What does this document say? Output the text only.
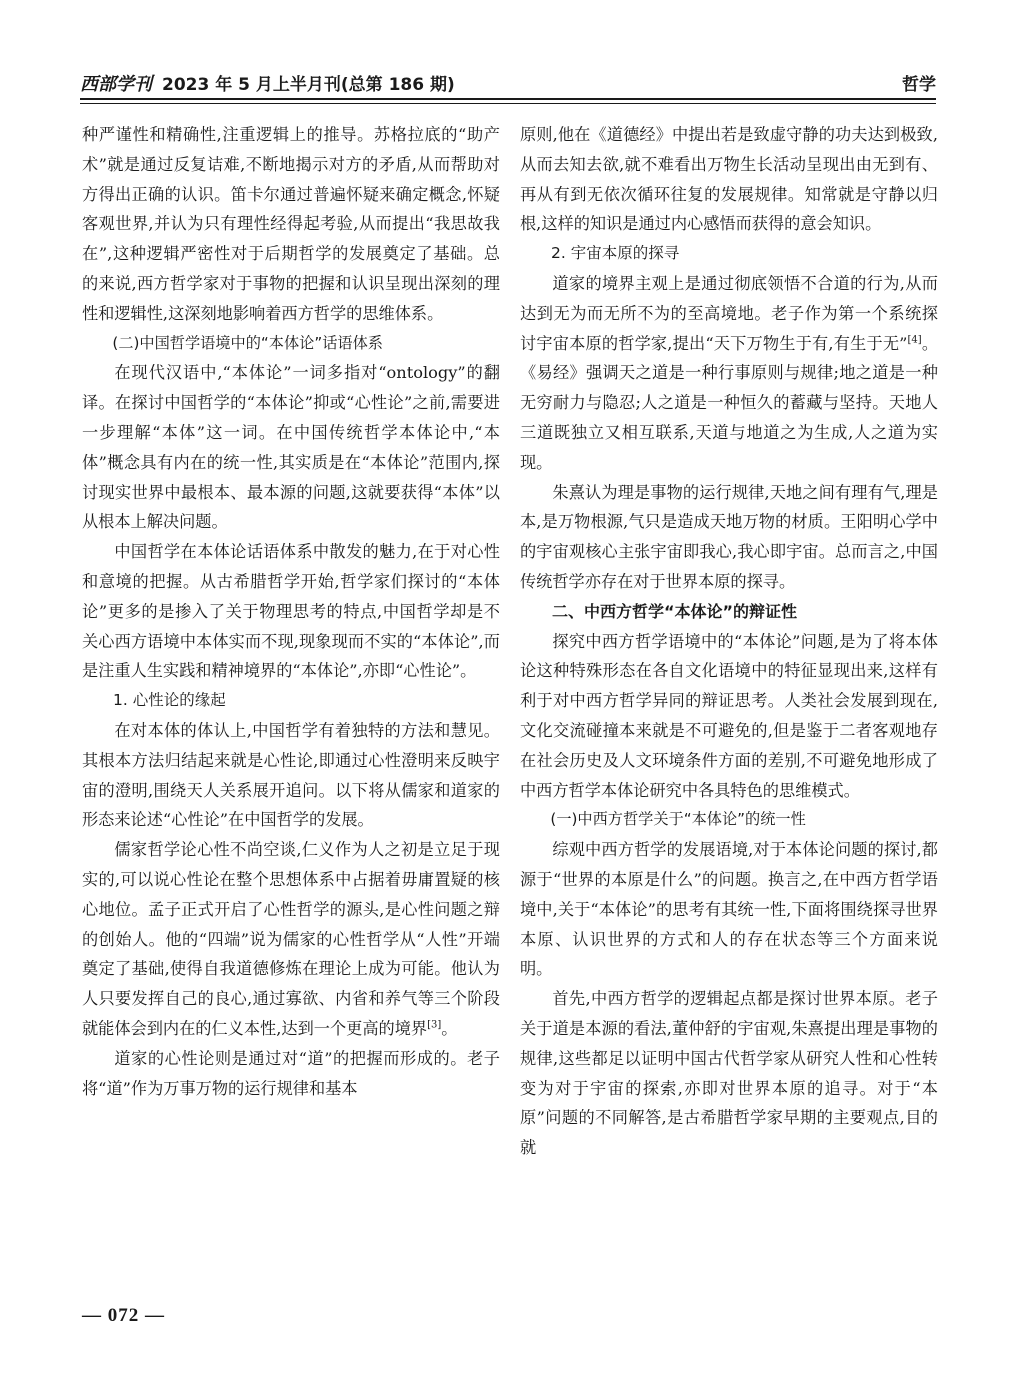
西部学刊 2023 年 5 月上半月刊(总第 186 期)	哲学

种严谨性和精确性,注重逻辑上的推导。苏格拉底的“助产术”就是通过反复诘难,不断地揭示对方的矛盾,从而帮助对方得出正确的认识。笛卡尔通过普遍怀疑来确定概念,怀疑客观世界,并认为只有理性经得起考验,从而提出“我思故我在”,这种逻辑严密性对于后期哲学的发展奠定了基础。总的来说,西方哲学家对于事物的把握和认识呈现出深刻的理性和逻辑性,这深刻地影响着西方哲学的思维体系。

(二)中国哲学语境中的“本体论”话语体系

在现代汉语中,“本体论”一词多指对“ontology”的翻译。在探讨中国哲学的“本体论”抑或“心性论”之前,需要进一步理解“本体”这一词。在中国传统哲学本体论中,“本体”概念具有内在的统一性,其实质是在“本体论”范围内,探讨现实世界中最根本、最本源的问题,这就要获得“本体”以从根本上解决问题。

中国哲学在本体论话语体系中散发的魅力,在于对心性和意境的把握。从古希腊哲学开始,哲学家们探讨的“本体论”更多的是掺入了关于物理思考的特点,中国哲学却是不关心西方语境中本体实而不现,现象现而不实的“本体论”,而是注重人生实践和精神境界的“本体论”,亦即“心性论”。

1. 心性论的缘起

在对本体的体认上,中国哲学有着独特的方法和慧见。其根本方法归结起来就是心性论,即通过心性澄明来反映宇宙的澄明,围绕天人关系展开追问。以下将从儒家和道家的形态来论述“心性论”在中国哲学的发展。

儒家哲学论心性不尚空谈,仁义作为人之初是立足于现实的,可以说心性论在整个思想体系中占据着毋庸置疑的核心地位。孟子正式开启了心性哲学的源头,是心性问题之辩的创始人。他的“四端”说为儒家的心性哲学从“人性”开端奠定了基础,使得自我道德修炼在理论上成为可能。他认为人只要发挥自己的良心,通过寡欲、内省和养气等三个阶段就能体会到内在的仁义本性,达到一个更高的境界[3]。

道家的心性论则是通过对“道”的把握而形成的。老子将“道”作为万事万物的运行规律和基本

原则,他在《道德经》中提出若是致虚守静的功夫达到极致,从而去知去欲,就不难看出万物生长活动呈现出由无到有、再从有到无依次循环往复的发展规律。知常就是守静以归根,这样的知识是通过内心感悟而获得的意会知识。

2. 宇宙本原的探寻

道家的境界主观上是通过彻底领悟不合道的行为,从而达到无为而无所不为的至高境地。老子作为第一个系统探讨宇宙本原的哲学家,提出“天下万物生于有,有生于无”[4]。《易经》强调天之道是一种行事原则与规律;地之道是一种无穷耐力与隐忍;人之道是一种恒久的蓄藏与坚持。天地人三道既独立又相互联系,天道与地道之为生成,人之道为实现。

朱熹认为理是事物的运行规律,天地之间有理有气,理是本,是万物根源,气只是造成天地万物的材质。王阳明心学中的宇宙观核心主张宇宙即我心,我心即宇宙。总而言之,中国传统哲学亦存在对于世界本原的探寻。

二、中西方哲学“本体论”的辩证性

探究中西方哲学语境中的“本体论”问题,是为了将本体论这种特殊形态在各自文化语境中的特征显现出来,这样有利于对中西方哲学异同的辩证思考。人类社会发展到现在,文化交流碰撞本来就是不可避免的,但是鉴于二者客观地存在社会历史及人文环境条件方面的差别,不可避免地形成了中西方哲学本体论研究中各具特色的思维模式。

(一)中西方哲学关于“本体论”的统一性

综观中西方哲学的发展语境,对于本体论问题的探讨,都源于“世界的本原是什么”的问题。换言之,在中西方哲学语境中,关于“本体论”的思考有其统一性,下面将围绕探寻世界本原、认识世界的方式和人的存在状态等三个方面来说明。

首先,中西方哲学的逻辑起点都是探讨世界本原。老子关于道是本源的看法,董仲舒的宇宙观,朱熹提出理是事物的规律,这些都足以证明中国古代哲学家从研究人性和心性转变为对于宇宙的探索,亦即对世界本原的追寻。对于“本原”问题的不同解答,是古希腊哲学家早期的主要观点,目的就

— 072 —
